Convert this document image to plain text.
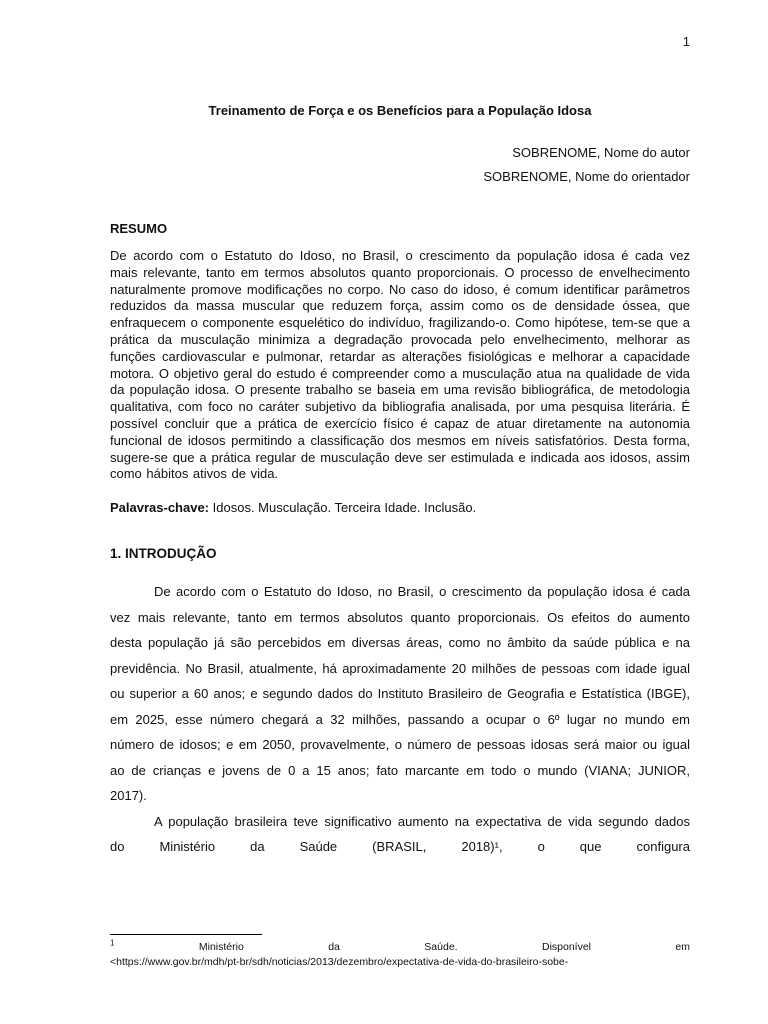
1
Treinamento de Força e os Benefícios para a População Idosa
SOBRENOME, Nome do autor
SOBRENOME, Nome do orientador
RESUMO

De acordo com o Estatuto do Idoso, no Brasil, o crescimento da população idosa é cada vez mais relevante, tanto em termos absolutos quanto proporcionais. O processo de envelhecimento naturalmente promove modificações no corpo. No caso do idoso, é comum identificar parâmetros reduzidos da massa muscular que reduzem força, assim como os de densidade óssea, que enfraquecem o componente esquelético do indivíduo, fragilizando-o. Como hipótese, tem-se que a prática da musculação minimiza a degradação provocada pelo envelhecimento, melhorar as funções cardiovascular e pulmonar, retardar as alterações fisiológicas e melhorar a capacidade motora. O objetivo geral do estudo é compreender como a musculação atua na qualidade de vida da população idosa. O presente trabalho se baseia em uma revisão bibliográfica, de metodologia qualitativa, com foco no caráter subjetivo da bibliografia analisada, por uma pesquisa literária. É possível concluir que a prática de exercício físico é capaz de atuar diretamente na autonomia funcional de idosos permitindo a classificação dos mesmos em níveis satisfatórios. Desta forma, sugere-se que a prática regular de musculação deve ser estimulada e indicada aos idosos, assim como hábitos ativos de vida.

Palavras-chave: Idosos. Musculação. Terceira Idade. Inclusão.

1. INTRODUÇÃO

De acordo com o Estatuto do Idoso, no Brasil, o crescimento da população idosa é cada vez mais relevante, tanto em termos absolutos quanto proporcionais. Os efeitos do aumento desta população já são percebidos em diversas áreas, como no âmbito da saúde pública e na previdência. No Brasil, atualmente, há aproximadamente 20 milhões de pessoas com idade igual ou superior a 60 anos; e segundo dados do Instituto Brasileiro de Geografia e Estatística (IBGE), em 2025, esse número chegará a 32 milhões, passando a ocupar o 6º lugar no mundo em número de idosos; e em 2050, provavelmente, o número de pessoas idosas será maior ou igual ao de crianças e jovens de 0 a 15 anos; fato marcante em todo o mundo (VIANA; JUNIOR, 2017).

A população brasileira teve significativo aumento na expectativa de vida segundo dados do Ministério da Saúde (BRASIL, 2018)¹, o que configura

$^1$	Ministério da Saúde. Disponível em <https://www.gov.br/mdh/pt-br/sdh/noticias/2013/dezembro/expectativa-de-vida-do-brasileiro-sobe-
